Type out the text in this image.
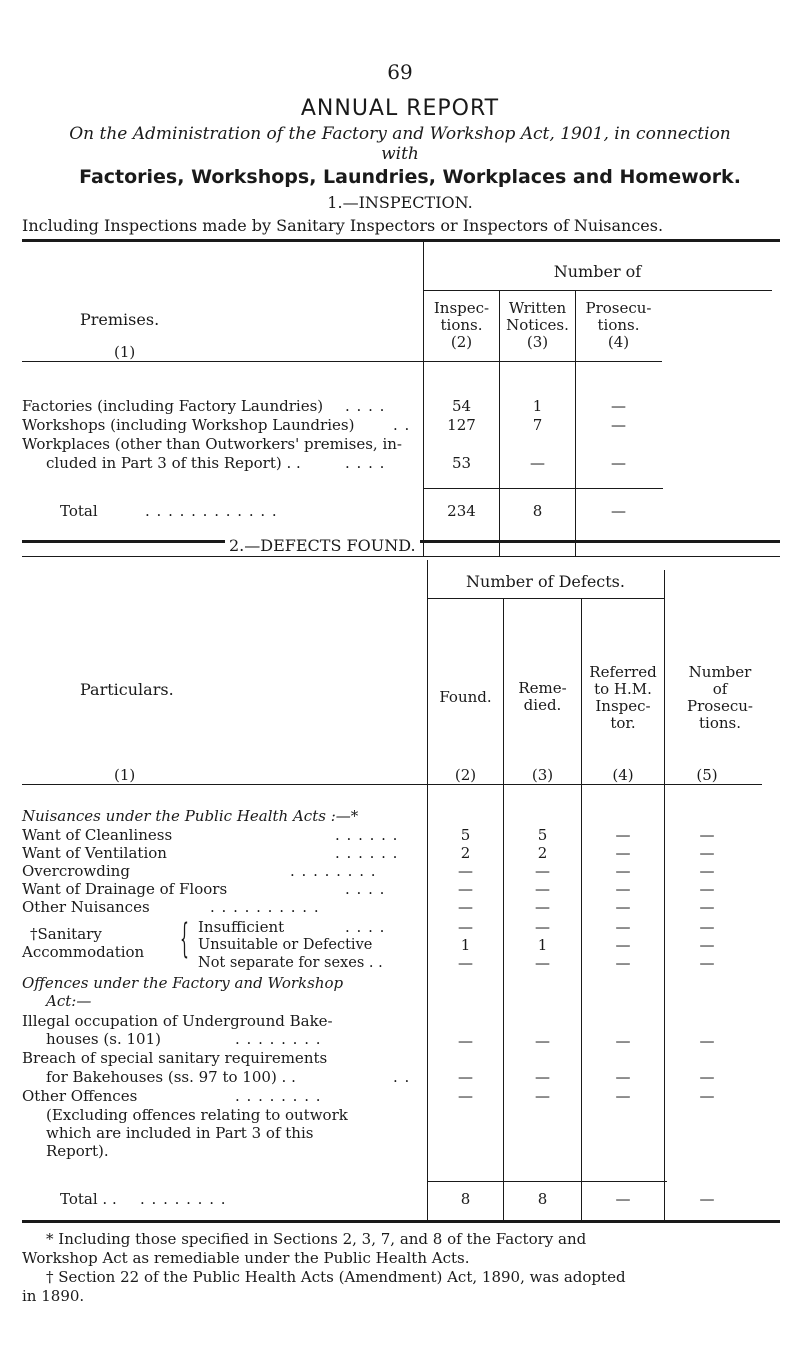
69
ANNUAL REPORT
On the Administration of the Factory and Workshop Act, 1901, in connection
with
Factories, Workshops, Laundries, Workplaces and Homework.
1.—INSPECTION.
Including Inspections made by Sanitary Inspectors or Inspectors of Nuisances.
Number of
Premises.
(1)
Inspec-
tions.
(2)
Written
Notices.
(3)
Prosecu-
tions.
(4)
Factories (including Factory Laundries) . . . .	54	1	—
Workshops (including Workshop Laundries)	. .	127	7	—
Workplaces (other than Outworkers' premises, in-
cluded in Part 3 of this Report) . .	. . . .	53	—	—
Total	. . . . . . . . . . . .	234	8	—
2.—DEFECTS FOUND.
Number of Defects.
Particulars.
(1)
Found.
(2)
Reme-
died.
(3)
Referred
to H.M.
Inspec-
tor.
(4)
Number
of
Prosecu-
tions.
(5)
Nuisances under the Public Health Acts :—*
Want of Cleanliness	. . . . . .	5	5	—	—
Want of Ventilation	. . . . . .	2	2	—	—
Overcrowding	. . . . . . . .	—	—	—	—
Want of Drainage of Floors	. . . .	—	—	—	—
Other Nuisances	. . . . . . . . . .	—	—	—	—
†Sanitary
Accommodation { Insufficient	. . . .	—	—	—	—
Unsuitable or Defective	1	1	—	—
Not separate for sexes . .	—	—	—	—
Offences under the Factory and Workshop
Act:—
Illegal occupation of Underground Bake-
houses (s. 101)	. . . . . . . .	—	—	—	—
Breach of special sanitary requirements
for Bakehouses (ss. 97 to 100) . .	. .	—	—	—	—
Other Offences	. . . . . . . .	—	—	—	—
(Excluding offences relating to outwork
which are included in Part 3 of this
Report).
Total . . . . . . . . . .	8	8	—	—
* Including those specified in Sections 2, 3, 7, and 8 of the Factory and
Workshop Act as remediable under the Public Health Acts.
† Section 22 of the Public Health Acts (Amendment) Act, 1890, was adopted
in 1890.
